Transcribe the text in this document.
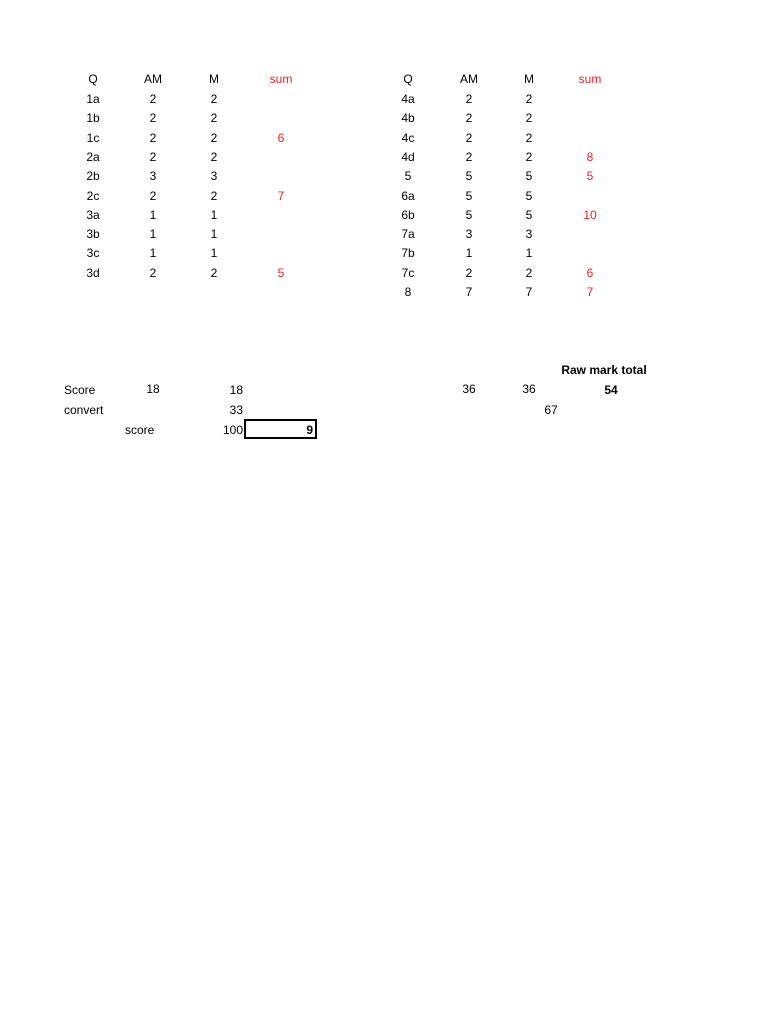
Q	AM	M	sum
1a	2	2
1b	2	2
1c	2	2	6
2a	2	2
2b	3	3
2c	2	2	7
3a	1	1
3b	1	1
3c	1	1
3d	2	2	5
Q	AM	M	sum
4a	2	2
4b	2	2
4c	2	2
4d	2	2	8
5	5	5	5
6a	5	5
6b	5	5	10
7a	3	3
7b	1	1
7c	2	2	6
8	7	7	7
Raw mark total
Score	18	18	36	36	54
convert	33	67
score	100	9
